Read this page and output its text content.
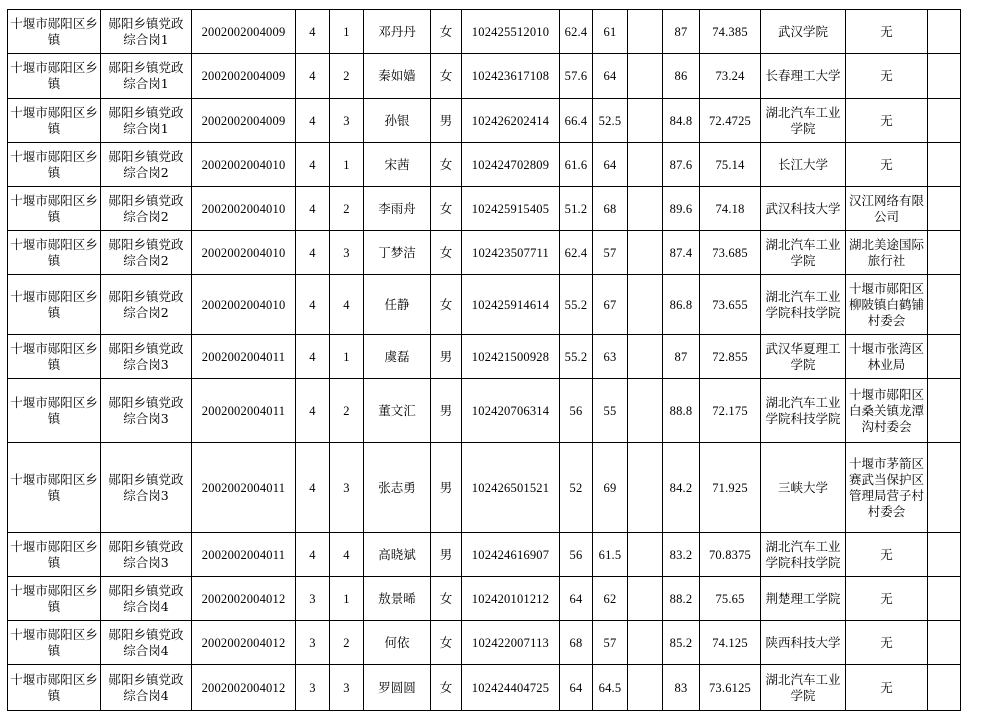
十堰市郧阳区乡镇	郧阳乡镇党政综合岗1	2002002004009	4	1	邓丹丹	女	102425512010	62.4	61		87	74.385	武汉学院	无	
十堰市郧阳区乡镇	郧阳乡镇党政综合岗1	2002002004009	4	2	秦如嫱	女	102423617108	57.6	64		86	73.24	长春理工大学	无	
十堰市郧阳区乡镇	郧阳乡镇党政综合岗1	2002002004009	4	3	孙银	男	102426202414	66.4	52.5		84.8	72.4725	湖北汽车工业学院	无	
十堰市郧阳区乡镇	郧阳乡镇党政综合岗2	2002002004010	4	1	宋茜	女	102424702809	61.6	64		87.6	75.14	长江大学	无	
十堰市郧阳区乡镇	郧阳乡镇党政综合岗2	2002002004010	4	2	李雨舟	女	102425915405	51.2	68		89.6	74.18	武汉科技大学	汉江网络有限公司	
十堰市郧阳区乡镇	郧阳乡镇党政综合岗2	2002002004010	4	3	丁梦洁	女	102423507711	62.4	57		87.4	73.685	湖北汽车工业学院	湖北美途国际旅行社	
十堰市郧阳区乡镇	郧阳乡镇党政综合岗2	2002002004010	4	4	任静	女	102425914614	55.2	67		86.8	73.655	湖北汽车工业学院科技学院	十堰市郧阳区柳陂镇白鹤铺村委会	
十堰市郧阳区乡镇	郧阳乡镇党政综合岗3	2002002004011	4	1	虞磊	男	102421500928	55.2	63		87	72.855	武汉华夏理工学院	十堰市张湾区林业局	
十堰市郧阳区乡镇	郧阳乡镇党政综合岗3	2002002004011	4	2	董文汇	男	102420706314	56	55		88.8	72.175	湖北汽车工业学院科技学院	十堰市郧阳区白桑关镇龙潭沟村委会	
十堰市郧阳区乡镇	郧阳乡镇党政综合岗3	2002002004011	4	3	张志勇	男	102426501521	52	69		84.2	71.925	三峡大学	十堰市茅箭区赛武当保护区管理局营子村村委会	
十堰市郧阳区乡镇	郧阳乡镇党政综合岗3	2002002004011	4	4	高晓斌	男	102424616907	56	61.5		83.2	70.8375	湖北汽车工业学院科技学院	无	
十堰市郧阳区乡镇	郧阳乡镇党政综合岗4	2002002004012	3	1	敖景晞	女	102420101212	64	62		88.2	75.65	荆楚理工学院	无	
十堰市郧阳区乡镇	郧阳乡镇党政综合岗4	2002002004012	3	2	何依	女	102422007113	68	57		85.2	74.125	陕西科技大学	无	
十堰市郧阳区乡镇	郧阳乡镇党政综合岗4	2002002004012	3	3	罗圆圆	女	102424404725	64	64.5		83	73.6125	湖北汽车工业学院	无	
